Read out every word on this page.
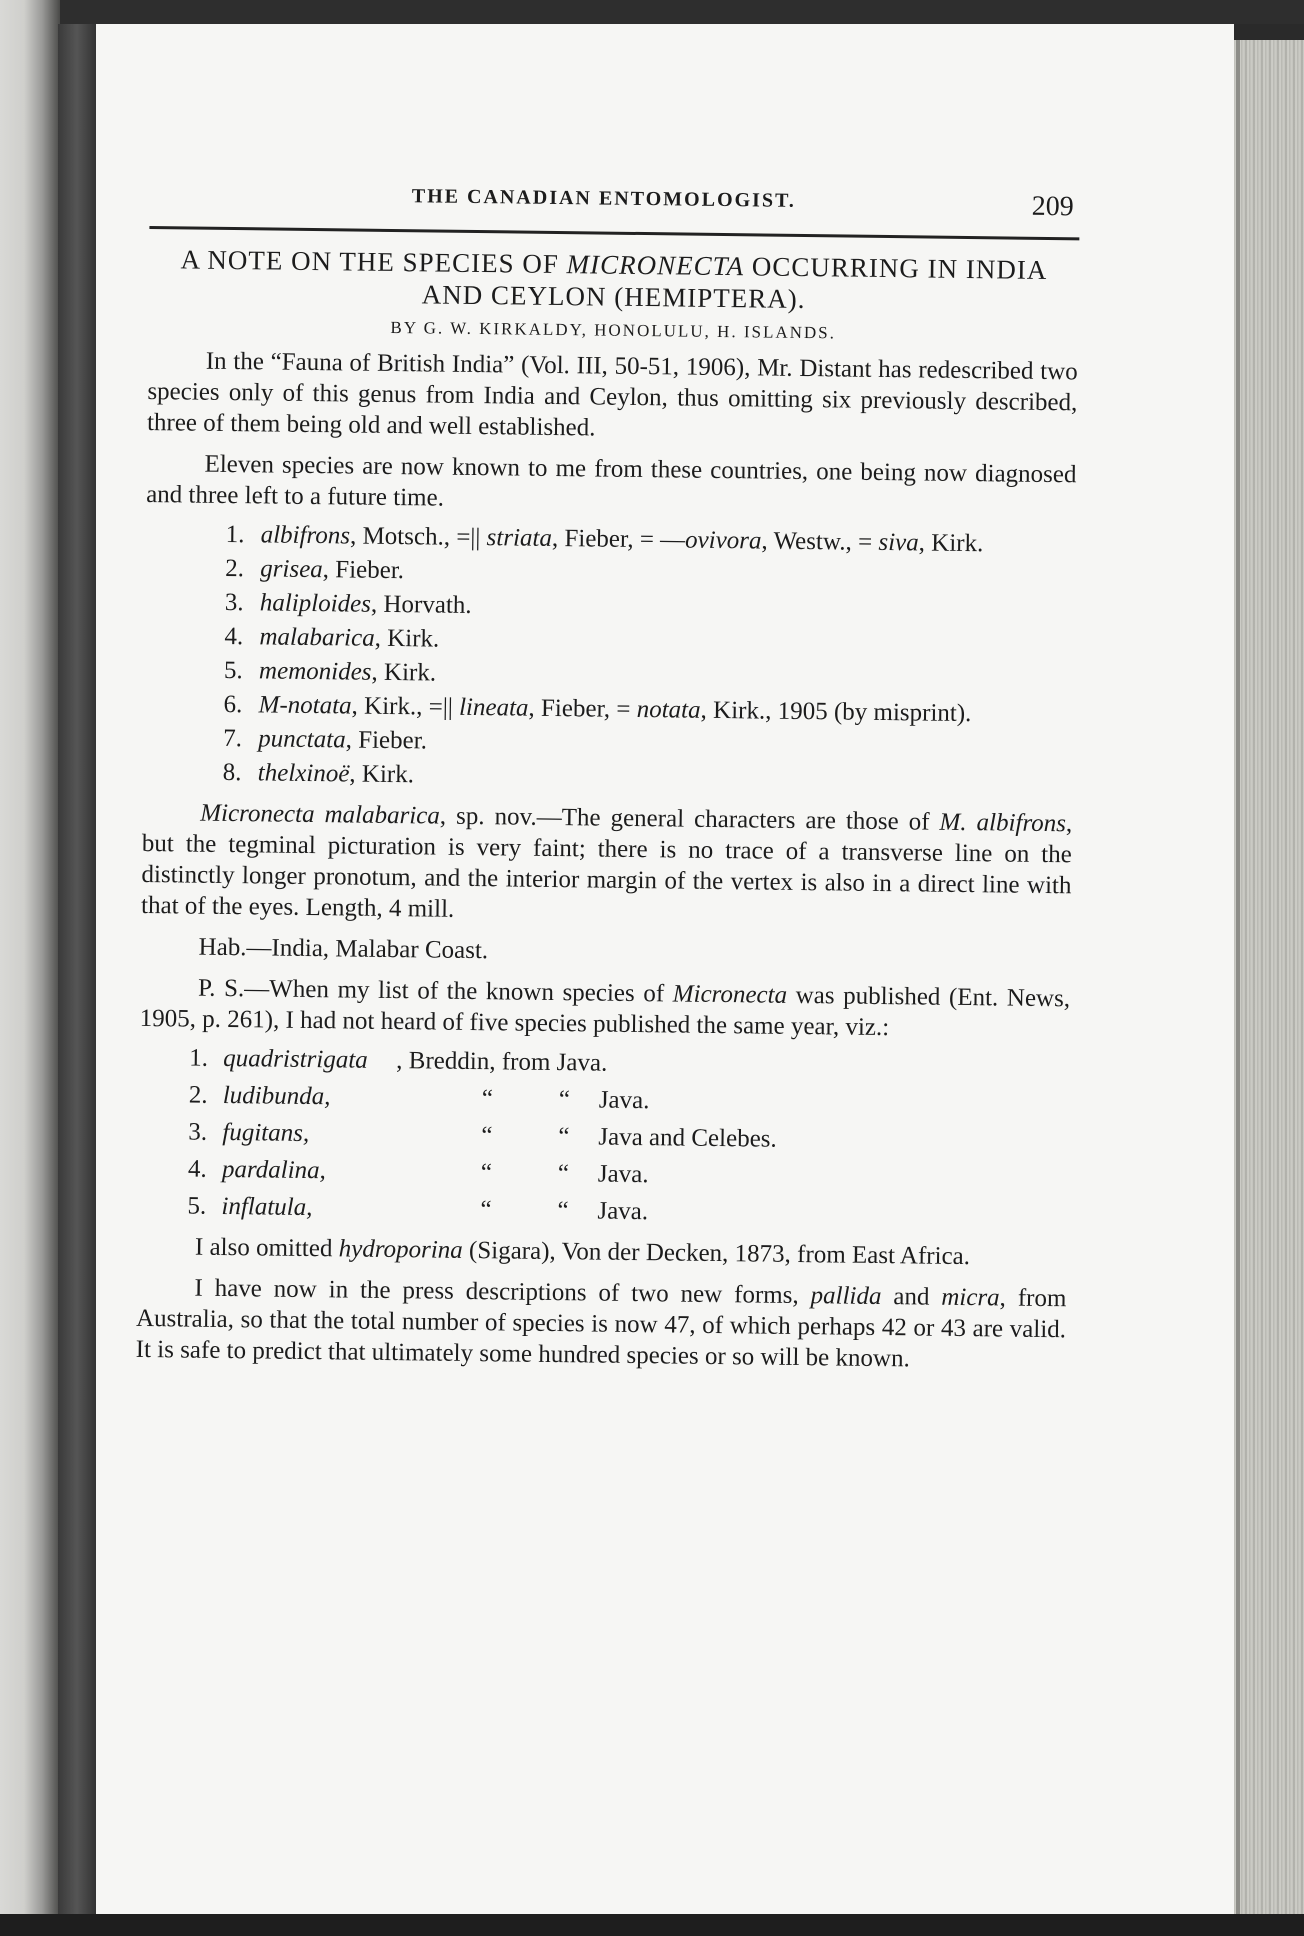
THE CANADIAN ENTOMOLOGIST.	209
A NOTE ON THE SPECIES OF MICRONECTA OCCURRING IN INDIA AND CEYLON (HEMIPTERA).
BY G. W. KIRKALDY, HONOLULU, H. ISLANDS.

In the “Fauna of British India” (Vol. III, 50-51, 1906), Mr. Distant has redescribed two species only of this genus from India and Ceylon, thus omitting six previously described, three of them being old and well established.

Eleven species are now known to me from these countries, one being now diagnosed and three left to a future time.

1. albifrons, Motsch., =|| striata, Fieber, = —ovivora, Westw., = siva, Kirk.
2. grisea, Fieber.
3. haliploides, Horvath.
4. malabarica, Kirk.
5. memonides, Kirk.
6. M-notata, Kirk., =|| lineata, Fieber, = notata, Kirk., 1905 (by misprint).
7. punctata, Fieber.
8. thelxinoë, Kirk.

Micronecta malabarica, sp. nov.—The general characters are those of M. albifrons, but the tegminal picturation is very faint; there is no trace of a transverse line on the distinctly longer pronotum, and the interior margin of the vertex is also in a direct line with that of the eyes. Length, 4 mill.

Hab.—India, Malabar Coast.

P. S.—When my list of the known species of Micronecta was published (Ent. News, 1905, p. 261), I had not heard of five species published the same year, viz.:

1. quadristrigata , Breddin, from Java.
2. ludibunda,	“	“ Java.
3. fugitans,	“	“ Java and Celebes.
4. pardalina,	“	“ Java.
5. inflatula,	“	“ Java.

I also omitted hydroporina (Sigara), Von der Decken, 1873, from East Africa.

I have now in the press descriptions of two new forms, pallida and micra, from Australia, so that the total number of species is now 47, of which perhaps 42 or 43 are valid. It is safe to predict that ultimately some hundred species or so will be known.
